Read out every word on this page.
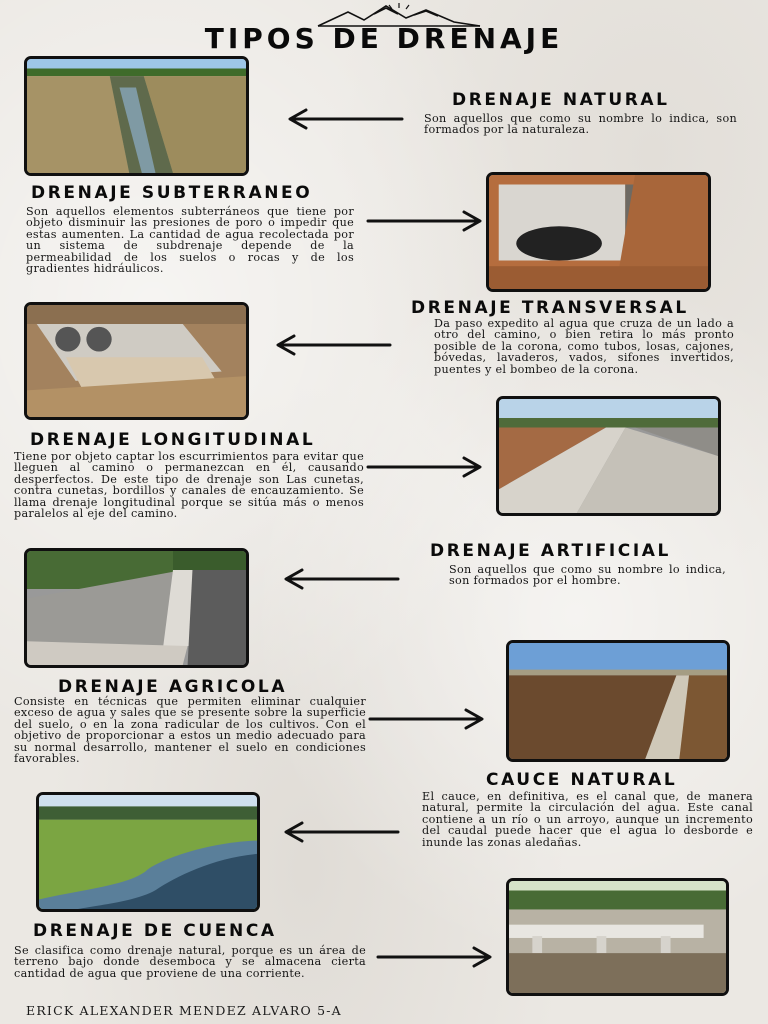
TIPOS DE DRENAJE
DRENAJE NATURAL
Son aquellos que como su nombre lo indica, son formados por la naturaleza.
DRENAJE SUBTERRANEO
Son aquellos elementos subterráneos que tiene por objeto disminuir las presiones de poro o impedir que estas aumenten. La cantidad de agua recolectada por un sistema de subdrenaje depende de la permeabilidad de los suelos o rocas y de los gradientes hidráulicos.
DRENAJE TRANSVERSAL
Da paso expedito al agua que cruza de un lado a otro del camino, o bien retira lo más pronto posible de la corona, como tubos, losas, cajones, bóvedas, lavaderos, vados, sifones invertidos, puentes y el bombeo de la corona.
DRENAJE LONGITUDINAL
Tiene por objeto captar los escurrimientos para evitar que lleguen al camino o permanezcan en él, causando desperfectos. De este tipo de drenaje son Las cunetas, contra cunetas, bordillos y canales de encauzamiento. Se llama drenaje longitudinal porque se sitúa más o menos paralelos al eje del camino.
DRENAJE ARTIFICIAL
Son aquellos que como su nombre lo indica, son formados por el hombre.
DRENAJE AGRICOLA
Consiste en técnicas que permiten eliminar cualquier exceso de agua y sales que se presente sobre la superficie del suelo, o en la zona radicular de los cultivos. Con el objetivo de proporcionar a estos un medio adecuado para su normal desarrollo, mantener el suelo en condiciones favorables.
CAUCE NATURAL
El cauce, en definitiva, es el canal que, de manera natural, permite la circulación del agua. Este canal contiene a un río o un arroyo, aunque un incremento del caudal puede hacer que el agua lo desborde e inunde las zonas aledañas.
DRENAJE DE CUENCA
Se clasifica como drenaje natural, porque es un área de terreno bajo donde desemboca y se almacena cierta cantidad de agua que proviene de una corriente.
ERICK ALEXANDER MENDEZ ALVARO 5-A
